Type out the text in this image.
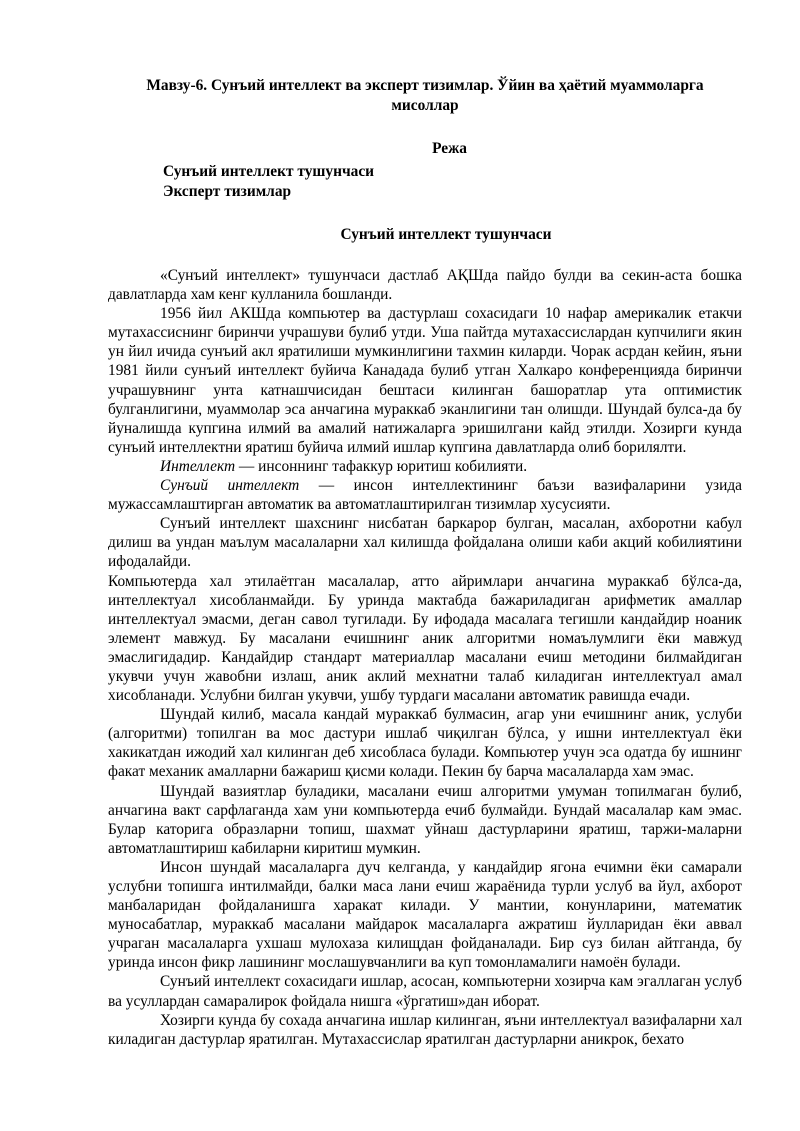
Мавзу-6. Сунъий интеллект ва эксперт тизимлар. Ўйин ва ҳаётий муаммоларга мисоллар
Режа
Сунъий интеллект тушунчаси
Эксперт тизимлар
Сунъий интеллект тушунчаси

«Сунъий интеллект» тушунчаси дастлаб АҚШда пайдо булди ва секин-аста бошка давлатларда хам кенг кулланила бошланди.

1956 йил АКШда компьютер ва дастурлаш сохасидаги 10 нафар америкалик етакчи мутахассиснинг биринчи учрашуви булиб утди. Уша пайтда мутахассислардан купчилиги якин ун йил ичида сунъий акл яратилиши мумкинлигини тахмин киларди. Чорак асрдан кейин, яъни 1981 йили сунъий интеллект буйича Канадада булиб утган Халкаро конференцияда биринчи учрашувнинг унта катнашчисидан бештаси килинган башоратлар ута оптимистик булганлигини, муаммолар эса анчагина мураккаб эканлигини тан олишди. Шундай булса-да бу йуналишда купгина илмий ва амалий натижаларга эришилгани кайд этилди. Хозирги кунда сунъий интеллектни яратиш буйича илмий ишлар купгина давлатларда олиб борилялти.

Интеллект — инсоннинг тафаккур юритиш кобилияти.

Сунъий интеллект — инсон интеллектининг баъзи вазифаларини узида мужассамлаштирган автоматик ва автоматлаштирилган тизимлар хусусияти.

Сунъий интеллект шахснинг нисбатан баркарор булган, масалан, ахборотни кабул дилиш ва ундан маълум масалаларни хал килишда фойдалана олиши каби акций кобилиятини ифодалайди.

Компьютерда хал этилаётган масалалар, атто айримлари анчагина мураккаб бўлса-да, интеллектуал хисобланмайди. Бу уринда мактабда бажариладиган арифметик амаллар интеллектуал эмасми, деган савол тугилади. Бу ифодада масалага тегишли кандайдир ноаник элемент мавжуд. Бу масалани ечишнинг аник алгоритми номаълумлиги ёки мавжуд эмаслигидадир. Кандайдир стандарт материаллар масалани ечиш методини билмайдиган укувчи учун жавобни излаш, аник аклий мехнатни талаб киладиган интеллектуал амал хисобланади. Услубни билган укувчи, ушбу турдаги масалани автоматик равишда ечади.

Шундай килиб, масала кандай мураккаб булмасин, агар уни ечишнинг аник, услуби (алгоритми) топилган ва мос дастури ишлаб чиқилган бўлса, у ишни интеллектуал ёки хакикатдан ижодий хал килинган деб хисобласа булади. Компьютер учун эса одатда бу ишнинг факат механик амалларни бажариш қисми колади. Пекин бу барча масалаларда хам эмас.

Шундай вазиятлар буладики, масалани ечиш алгоритми умуман топилмаган булиб, анчагина вакт сарфлаганда хам уни компьютерда ечиб булмайди. Бундай масалалар кам эмас. Булар каторига образларни топиш, шахмат уйнаш дастурларини яратиш, таржи-маларни автоматлаштириш кабиларни киритиш мумкин.

Инсон шундай масалаларга дуч келганда, у кандайдир ягона ечимни ёки самарали услубни топишга интилмайди, балки маса лани ечиш жараёнида турли услуб ва йул, ахборот манбаларидан фойдаланишга харакат килади. У мантии, конунларини, математик муносабатлар, мураккаб масалани майдарок масалаларга ажратиш йулларидан ёки аввал учраган масалаларга ухшаш мулохаза килищдан фойданалади. Бир суз билан айтганда, бу уринда инсон фикр лашининг мослашувчанлиги ва куп томонламалиги намоён булади.

Сунъий интеллект сохасидаги ишлар, асосан, компьютерни хозирча кам эгаллаган услуб ва усуллардан самаралирок фойдала нишга «ўргатиш»дан иборат.

Хозирги кунда бу сохада анчагина ишлар килинган, яъни интеллектуал вазифаларни хал киладиган дастурлар яратилган. Мутахассислар яратилган дастурларни аникрок, бехато
